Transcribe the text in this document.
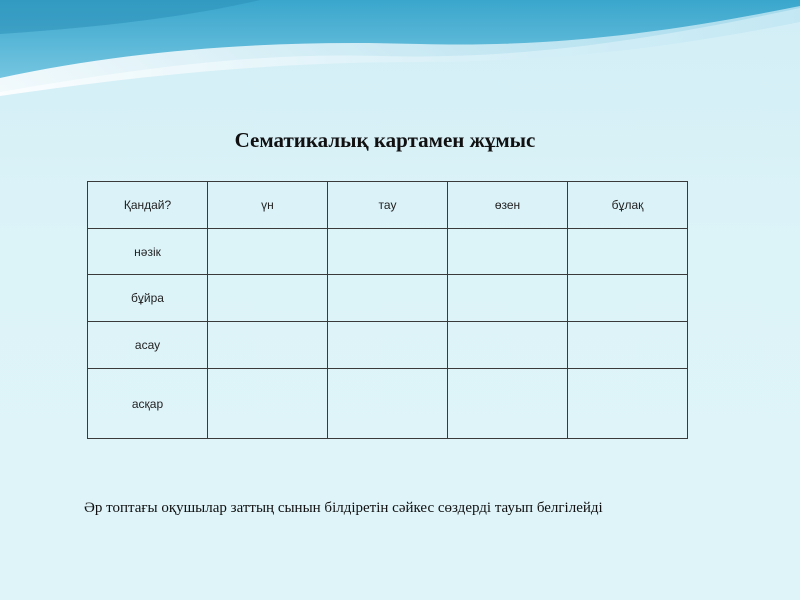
Сематикалық картамен жұмыс
Қандай?	үн	тау	өзен	бұлақ
нәзік				
бұйра				
асау				
асқар				

Әр топтағы оқушылар заттың сынын білдіретін сәйкес сөздерді тауып белгілейді
